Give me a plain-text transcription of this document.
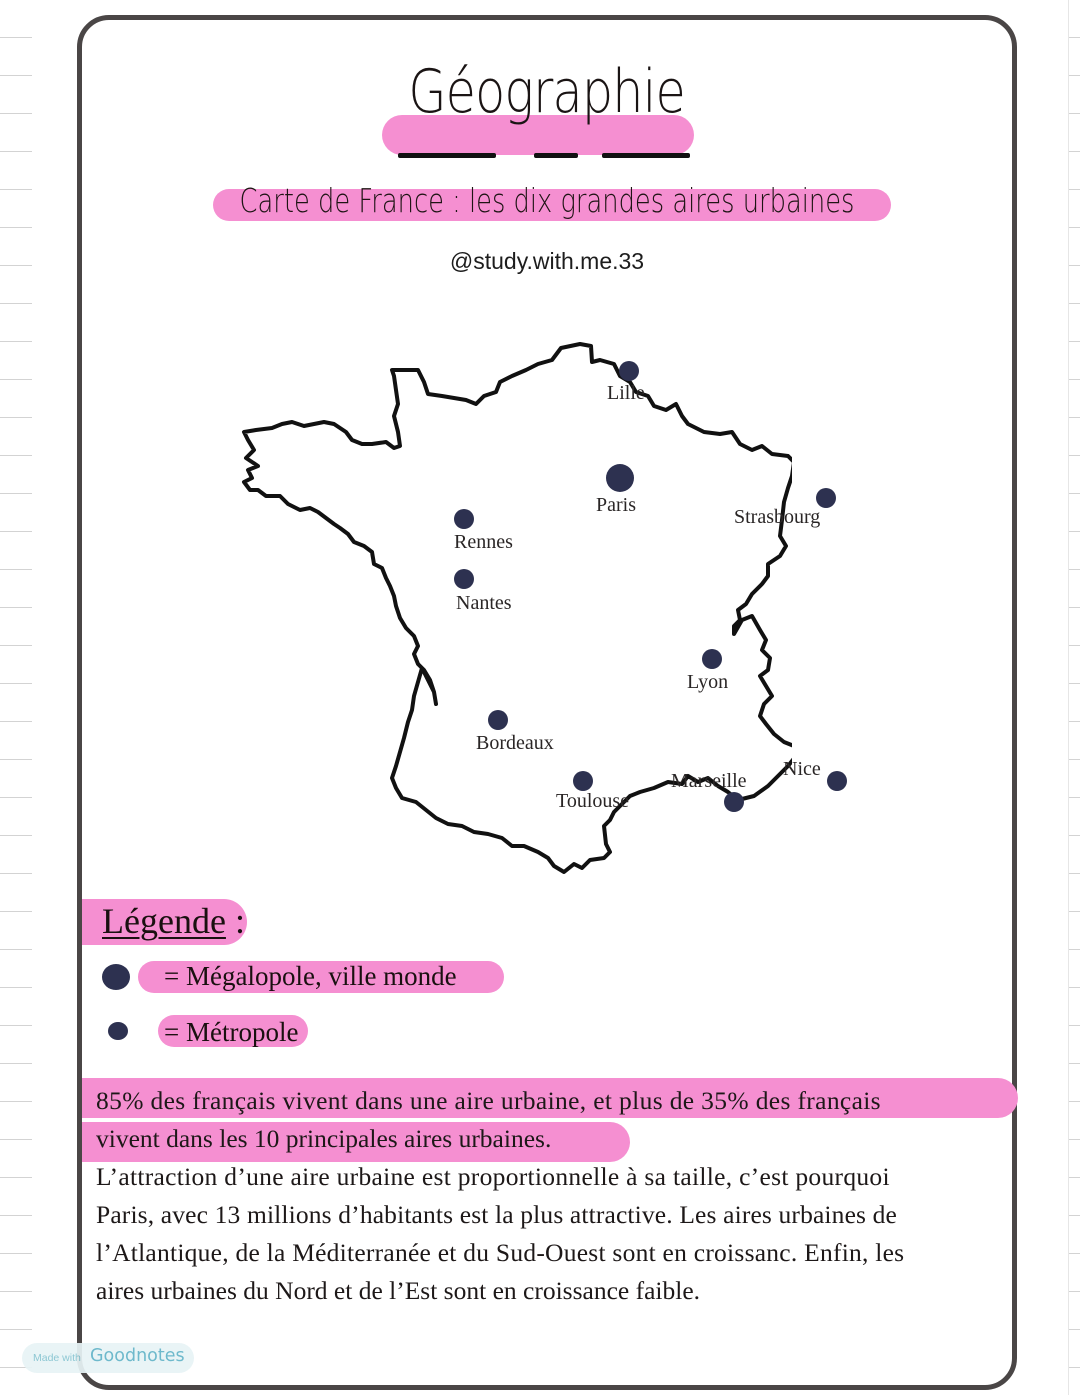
Géographie
Carte de France : les dix grandes aires urbaines
@study.with.me.33
Lille
Paris
Strasbourg
Rennes
Nantes
Lyon
Bordeaux
Toulouse
Marseille
Nice
Légende :
= Mégalopole, ville monde
= Métropole
85% des français vivent dans une aire urbaine, et plus de 35% des français
vivent dans les 10 principales aires urbaines.
L’attraction d’une aire urbaine est proportionnelle à sa taille, c’est pourquoi
Paris, avec 13 millions d’habitants est la plus attractive. Les aires urbaines de
l’Atlantique, de la Méditerranée et du Sud-Ouest sont en croissanc. Enfin, les
aires urbaines du Nord et de l’Est sont en croissance faible.
Made with Goodnotes
